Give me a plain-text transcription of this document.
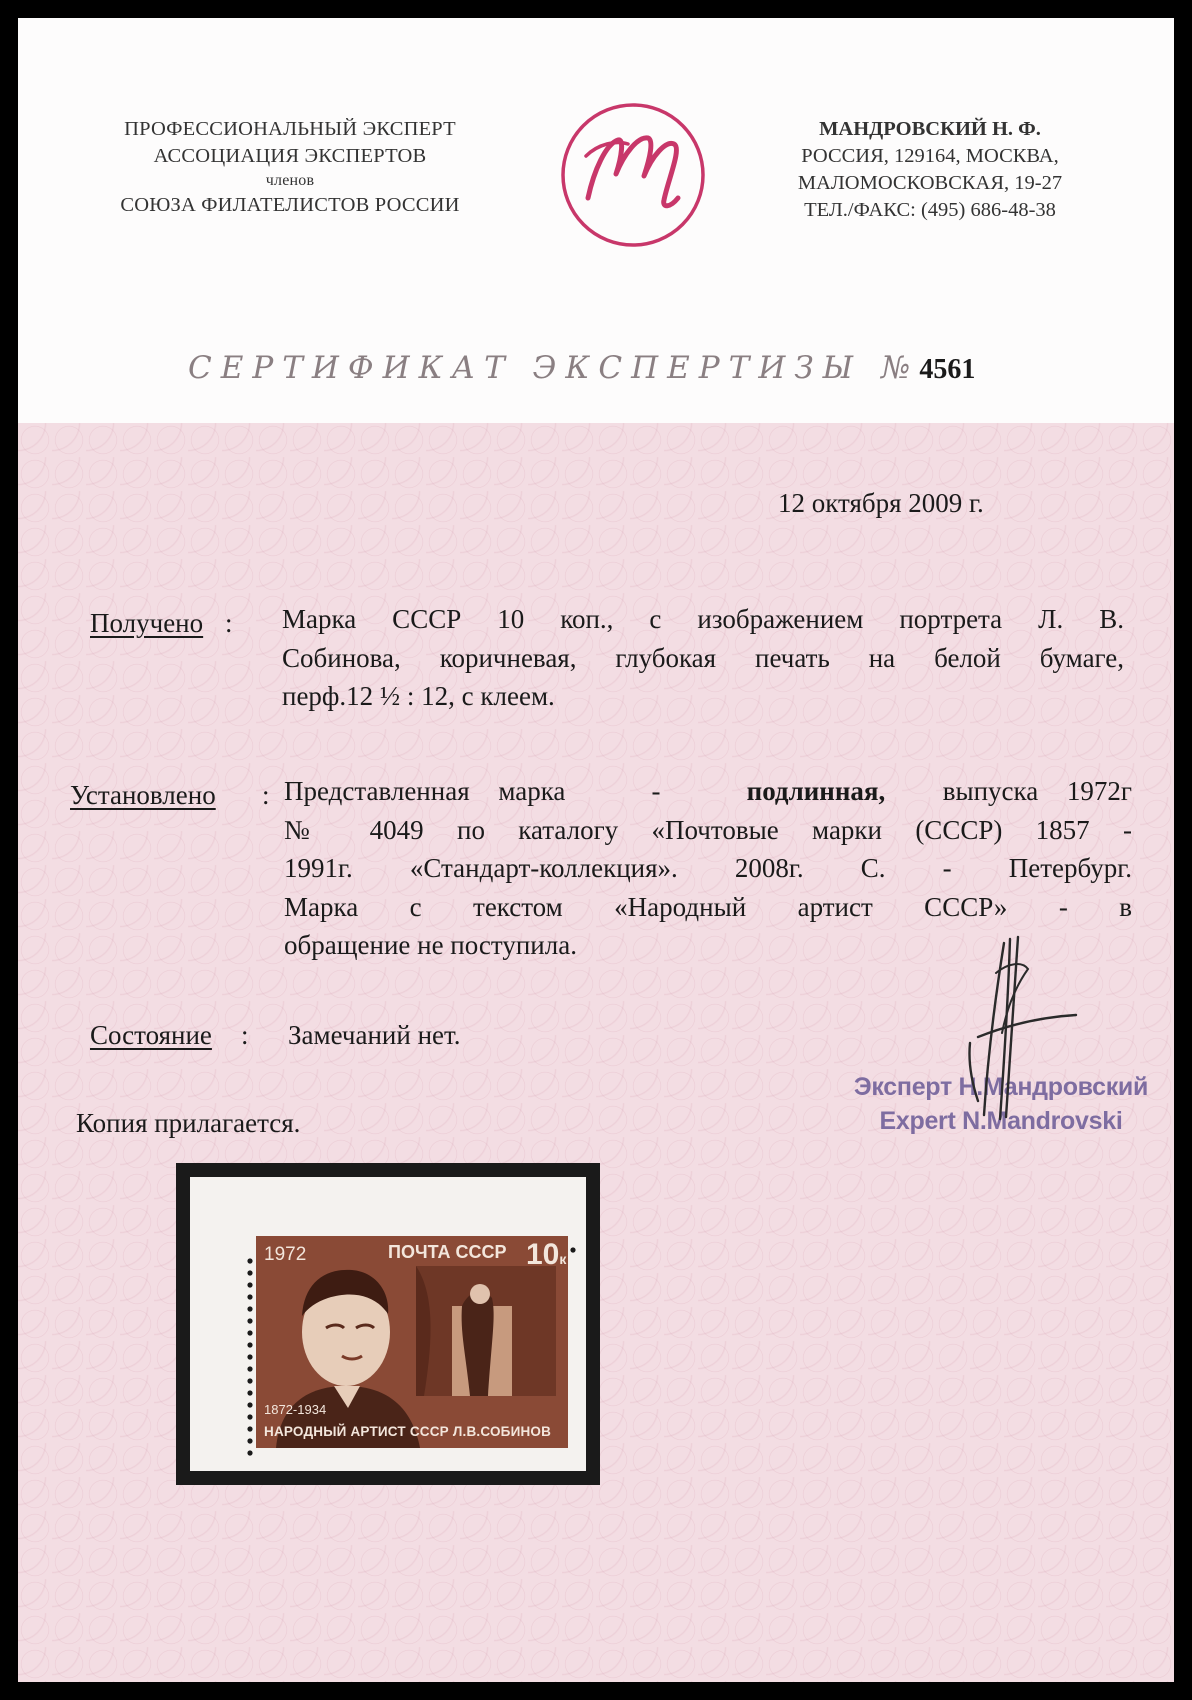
ПРОФЕССИОНАЛЬНЫЙ ЭКСПЕРТ
АССОЦИАЦИЯ ЭКСПЕРТОВ
членов
СОЮЗА ФИЛАТЕЛИСТОВ РОССИИ
МАНДРОВСКИЙ Н. Ф.
РОССИЯ, 129164, МОСКВА,
МАЛОМОСКОВСКАЯ, 19-27
ТЕЛ./ФАКС: (495) 686-48-38
СЕРТИФИКАТ ЭКСПЕРТИЗЫ №4561
12 октября 2009 г.
Получено : Марка СССР 10 коп., с изображением портрета Л. В.
Собинова, коричневая, глубокая печать на белой бумаге,
перф.12 ½ : 12, с клеем.
Установлено : Представленная марка   -   подлинная,  выпуска 1972г
№ 4049 по каталогу «Почтовые марки (СССР) 1857 -
1991г. «Стандарт-коллекция». 2008г. С. - Петербург.
Марка с текстом «Народный артист СССР» - в
обращение не поступила.
Состояние : Замечаний нет.
Копия прилагается.
Эксперт Н.Мандровский
Expert N.Mandrovski
1972	ПОЧТА СССР 10к
1872-1934
НАРОДНЫЙ АРТИСТ СССР Л.В.СОБИНОВ
